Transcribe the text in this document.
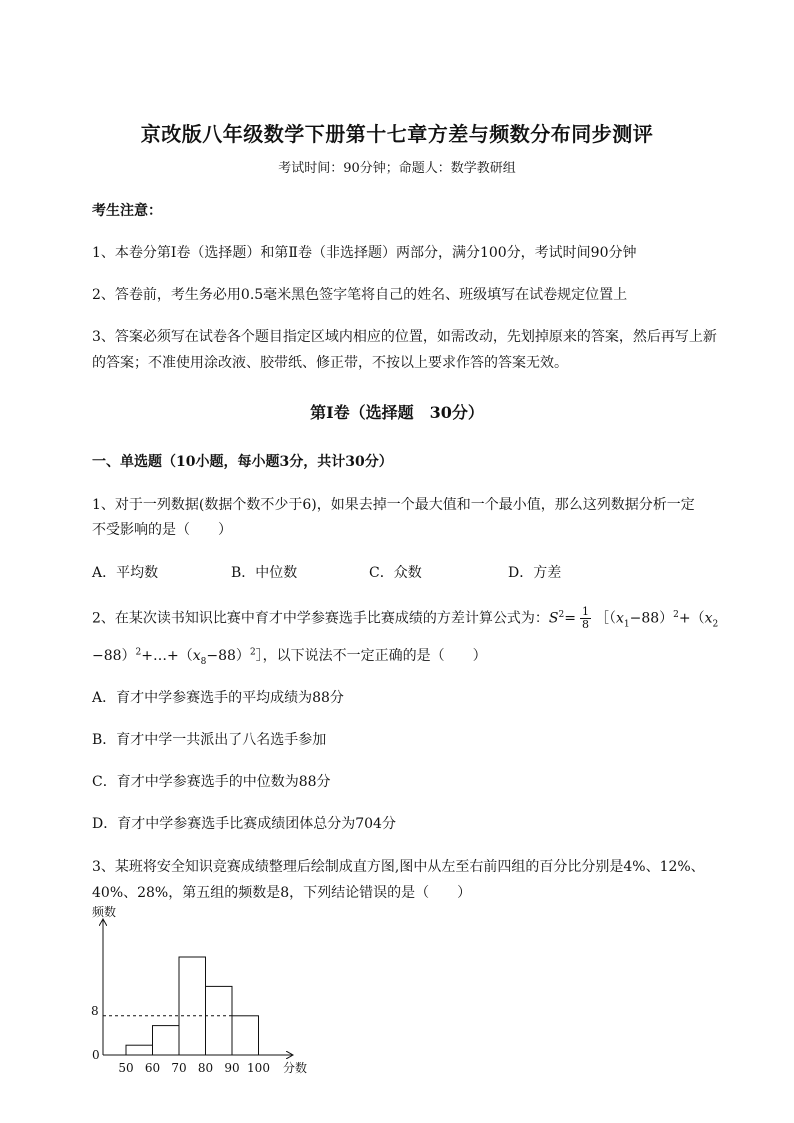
京改版八年级数学下册第十七章方差与频数分布同步测评
考试时间：90分钟；命题人：数学教研组
考生注意：
1、本卷分第I卷（选择题）和第Ⅱ卷（非选择题）两部分，满分100分，考试时间90分钟
2、答卷前，考生务必用0.5毫米黑色签字笔将自己的姓名、班级填写在试卷规定位置上
3、答案必须写在试卷各个题目指定区域内相应的位置，如需改动，先划掉原来的答案，然后再写上新
的答案；不准使用涂改液、胶带纸、修正带，不按以上要求作答的答案无效。
第I卷（选择题　30分）
一、单选题（10小题，每小题3分，共计30分）
1、对于一列数据(数据个数不少于6)，如果去掉一个最大值和一个最小值，那么这列数据分析一定
不受影响的是（　　）
A．平均数	B．中位数	C．众数	D．方差
2、在某次读书知识比赛中育才中学参赛选手比赛成绩的方差计算公式为：$S^2= \frac{1}{8}$ $[(x_1-88)^2+(x_2$
$-88)^2+\dots+(x_8-88)^2]$，以下说法不一定正确的是（　　）
A．育才中学参赛选手的平均成绩为88分
B．育才中学一共派出了八名选手参加
C．育才中学参赛选手的中位数为88分
D．育才中学参赛选手比赛成绩团体总分为704分
3、某班将安全知识竞赛成绩整理后绘制成直方图,图中从左至右前四组的百分比分别是4%、12%、
40%、28%，第五组的频数是8，下列结论错误的是（　　）
频数
分数
0
8
50 60 70 80 90 100
